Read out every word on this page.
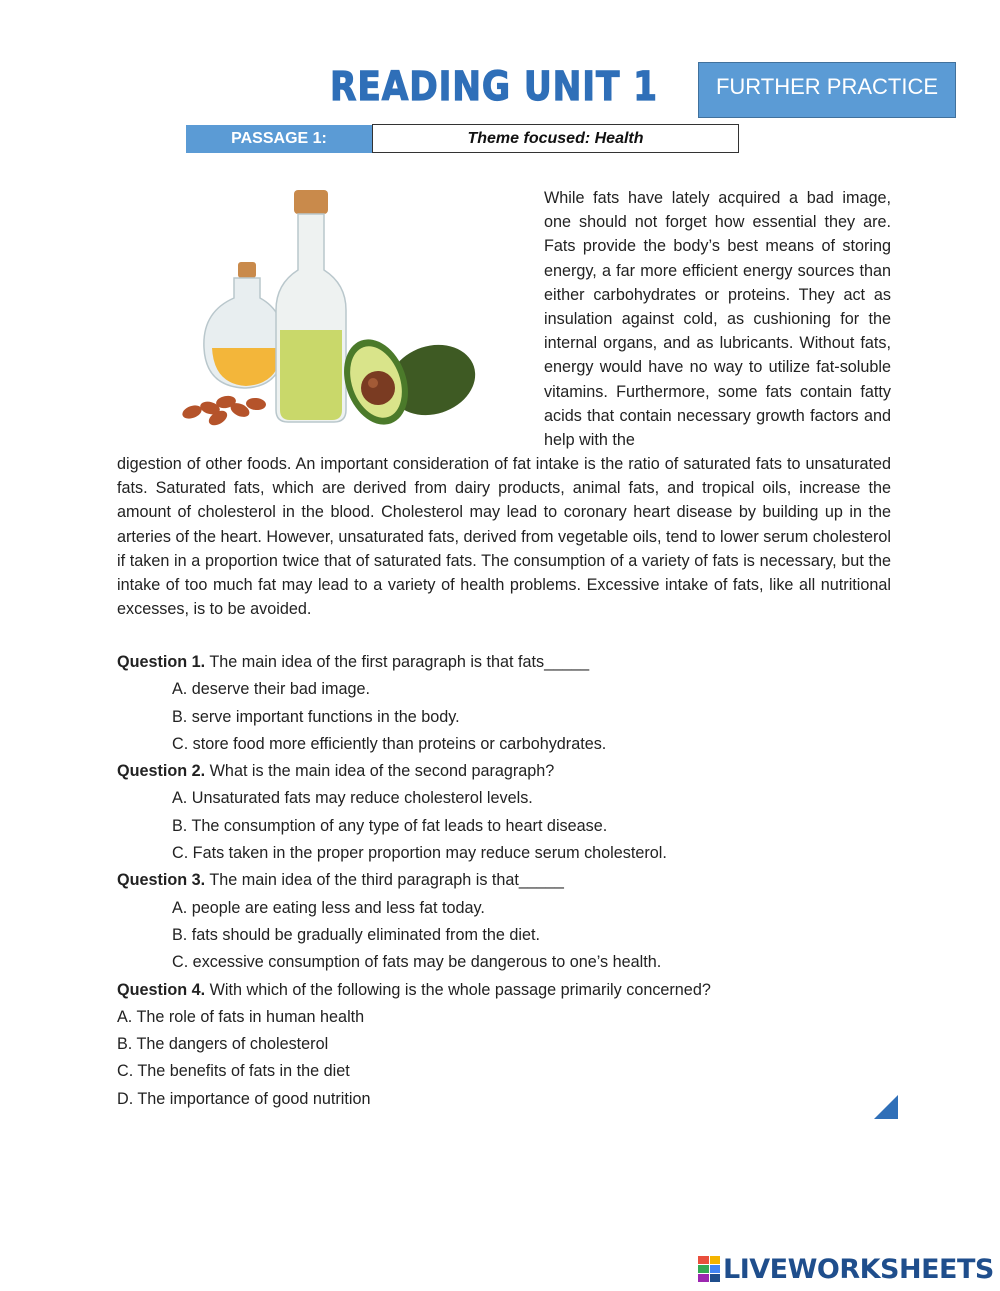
READING UNIT 1	FURTHER PRACTICE
PASSAGE 1:	Theme focused: Health

While fats have lately acquired a bad image, one should not forget how essential they are. Fats provide the body’s best means of storing energy, a far more efficient energy sources than either carbohydrates or proteins. They act as insulation against cold, as cushioning for the internal organs, and as lubricants. Without fats, energy would have no way to utilize fat-soluble vitamins. Furthermore, some fats contain fatty acids that contain necessary growth factors and help with the

digestion of other foods. An important consideration of fat intake is the ratio of saturated fats to unsaturated fats. Saturated fats, which are derived from dairy products, animal fats, and tropical oils, increase the amount of cholesterol in the blood. Cholesterol may lead to coronary heart disease by building up in the arteries of the heart. However, unsaturated fats, derived from vegetable oils, tend to lower serum cholesterol if taken in a proportion twice that of saturated fats. The consumption of a variety of fats is necessary, but the intake of too much fat may lead to a variety of health problems. Excessive intake of fats, like all nutritional excesses, is to be avoided.

Question 1. The main idea of the first paragraph is that fats_____
A. deserve their bad image.
B. serve important functions in the body.
C. store food more efficiently than proteins or carbohydrates.
Question 2. What is the main idea of the second paragraph?
A. Unsaturated fats may reduce cholesterol levels.
B. The consumption of any type of fat leads to heart disease.
C. Fats taken in the proper proportion may reduce serum cholesterol.
Question 3. The main idea of the third paragraph is that_____
A. people are eating less and less fat today.
B. fats should be gradually eliminated from the diet.
C. excessive consumption of fats may be dangerous to one’s health.
Question 4. With which of the following is the whole passage primarily concerned?
A. The role of fats in human health
B. The dangers of cholesterol
C. The benefits of fats in the diet
D. The importance of good nutrition
LIVEWORKSHEETS
